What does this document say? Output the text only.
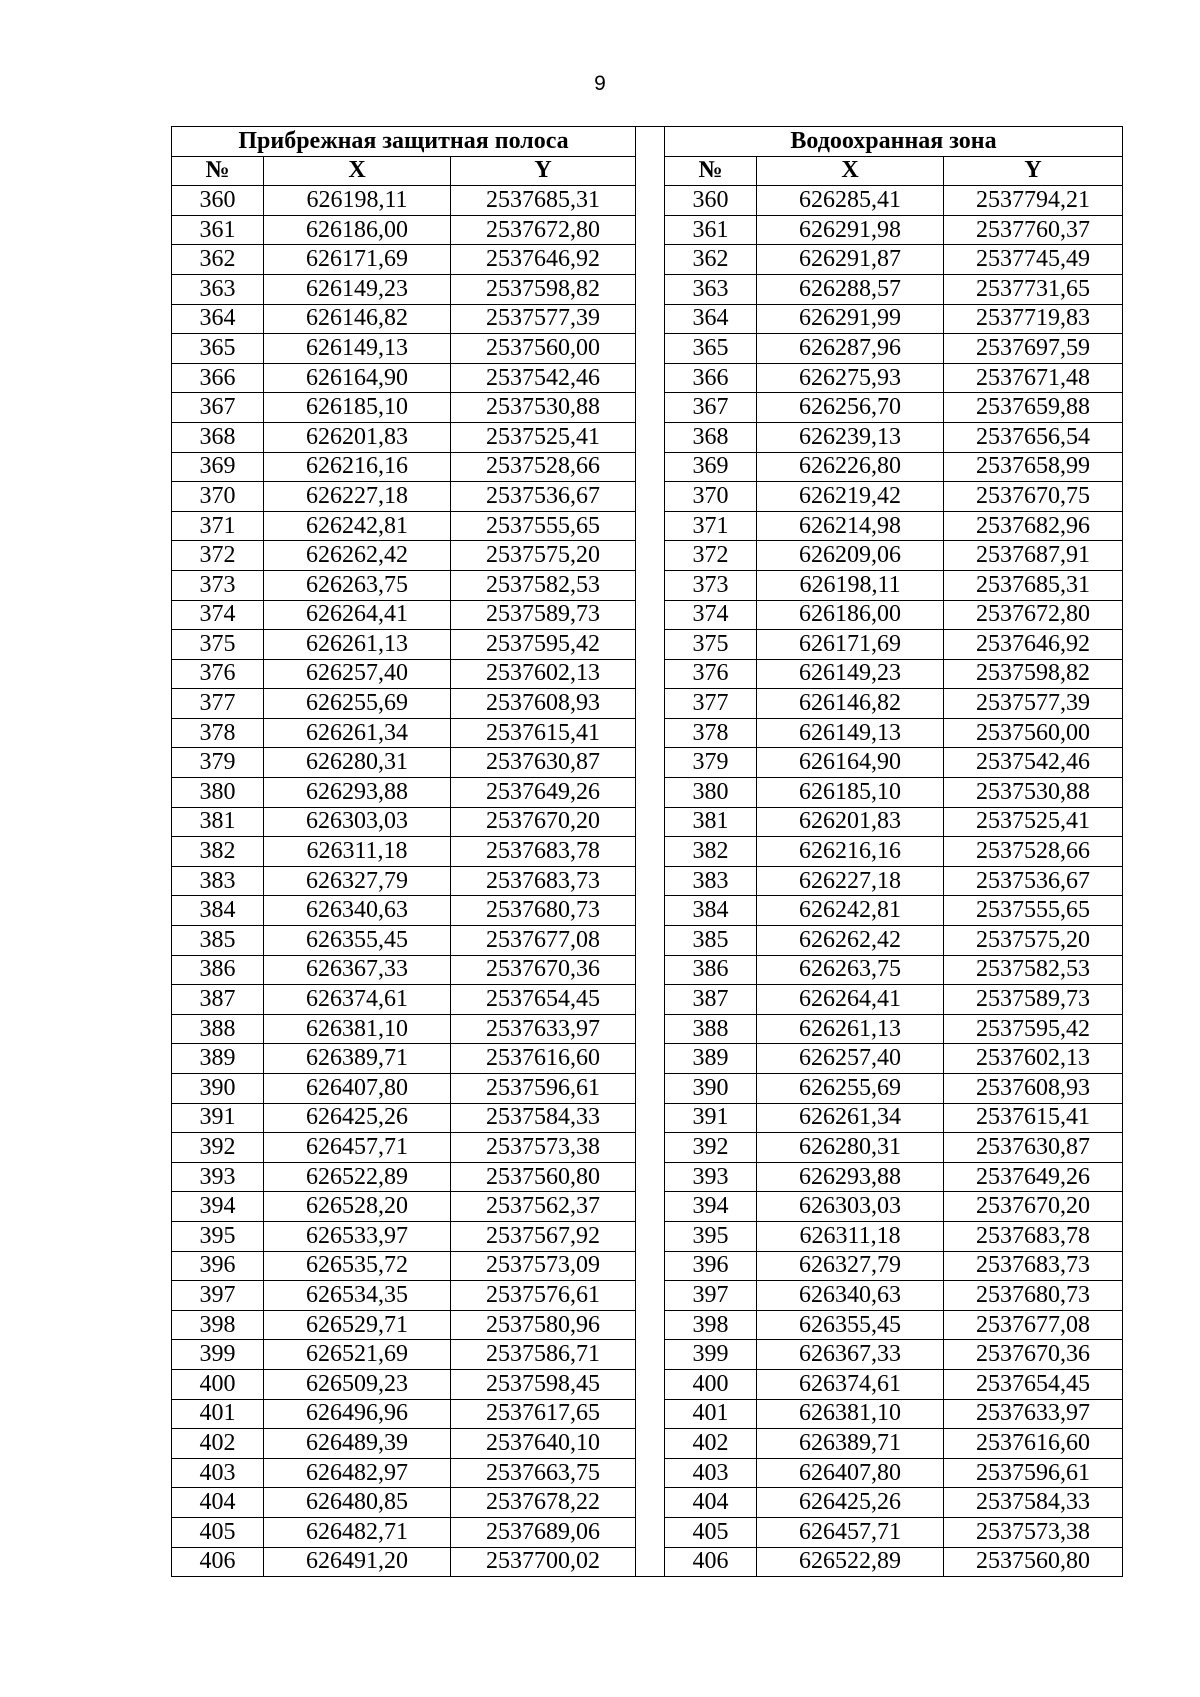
9
Прибрежная защитная полоса				Водоохранная зона		
№	X	Y		№	X	Y
360	626198,11	2537685,31		360	626285,41	2537794,21
361	626186,00	2537672,80		361	626291,98	2537760,37
362	626171,69	2537646,92		362	626291,87	2537745,49
363	626149,23	2537598,82		363	626288,57	2537731,65
364	626146,82	2537577,39		364	626291,99	2537719,83
365	626149,13	2537560,00		365	626287,96	2537697,59
366	626164,90	2537542,46		366	626275,93	2537671,48
367	626185,10	2537530,88		367	626256,70	2537659,88
368	626201,83	2537525,41		368	626239,13	2537656,54
369	626216,16	2537528,66		369	626226,80	2537658,99
370	626227,18	2537536,67		370	626219,42	2537670,75
371	626242,81	2537555,65		371	626214,98	2537682,96
372	626262,42	2537575,20		372	626209,06	2537687,91
373	626263,75	2537582,53		373	626198,11	2537685,31
374	626264,41	2537589,73		374	626186,00	2537672,80
375	626261,13	2537595,42		375	626171,69	2537646,92
376	626257,40	2537602,13		376	626149,23	2537598,82
377	626255,69	2537608,93		377	626146,82	2537577,39
378	626261,34	2537615,41		378	626149,13	2537560,00
379	626280,31	2537630,87		379	626164,90	2537542,46
380	626293,88	2537649,26		380	626185,10	2537530,88
381	626303,03	2537670,20		381	626201,83	2537525,41
382	626311,18	2537683,78		382	626216,16	2537528,66
383	626327,79	2537683,73		383	626227,18	2537536,67
384	626340,63	2537680,73		384	626242,81	2537555,65
385	626355,45	2537677,08		385	626262,42	2537575,20
386	626367,33	2537670,36		386	626263,75	2537582,53
387	626374,61	2537654,45		387	626264,41	2537589,73
388	626381,10	2537633,97		388	626261,13	2537595,42
389	626389,71	2537616,60		389	626257,40	2537602,13
390	626407,80	2537596,61		390	626255,69	2537608,93
391	626425,26	2537584,33		391	626261,34	2537615,41
392	626457,71	2537573,38		392	626280,31	2537630,87
393	626522,89	2537560,80		393	626293,88	2537649,26
394	626528,20	2537562,37		394	626303,03	2537670,20
395	626533,97	2537567,92		395	626311,18	2537683,78
396	626535,72	2537573,09		396	626327,79	2537683,73
397	626534,35	2537576,61		397	626340,63	2537680,73
398	626529,71	2537580,96		398	626355,45	2537677,08
399	626521,69	2537586,71		399	626367,33	2537670,36
400	626509,23	2537598,45		400	626374,61	2537654,45
401	626496,96	2537617,65		401	626381,10	2537633,97
402	626489,39	2537640,10		402	626389,71	2537616,60
403	626482,97	2537663,75		403	626407,80	2537596,61
404	626480,85	2537678,22		404	626425,26	2537584,33
405	626482,71	2537689,06		405	626457,71	2537573,38
406	626491,20	2537700,02		406	626522,89	2537560,80
